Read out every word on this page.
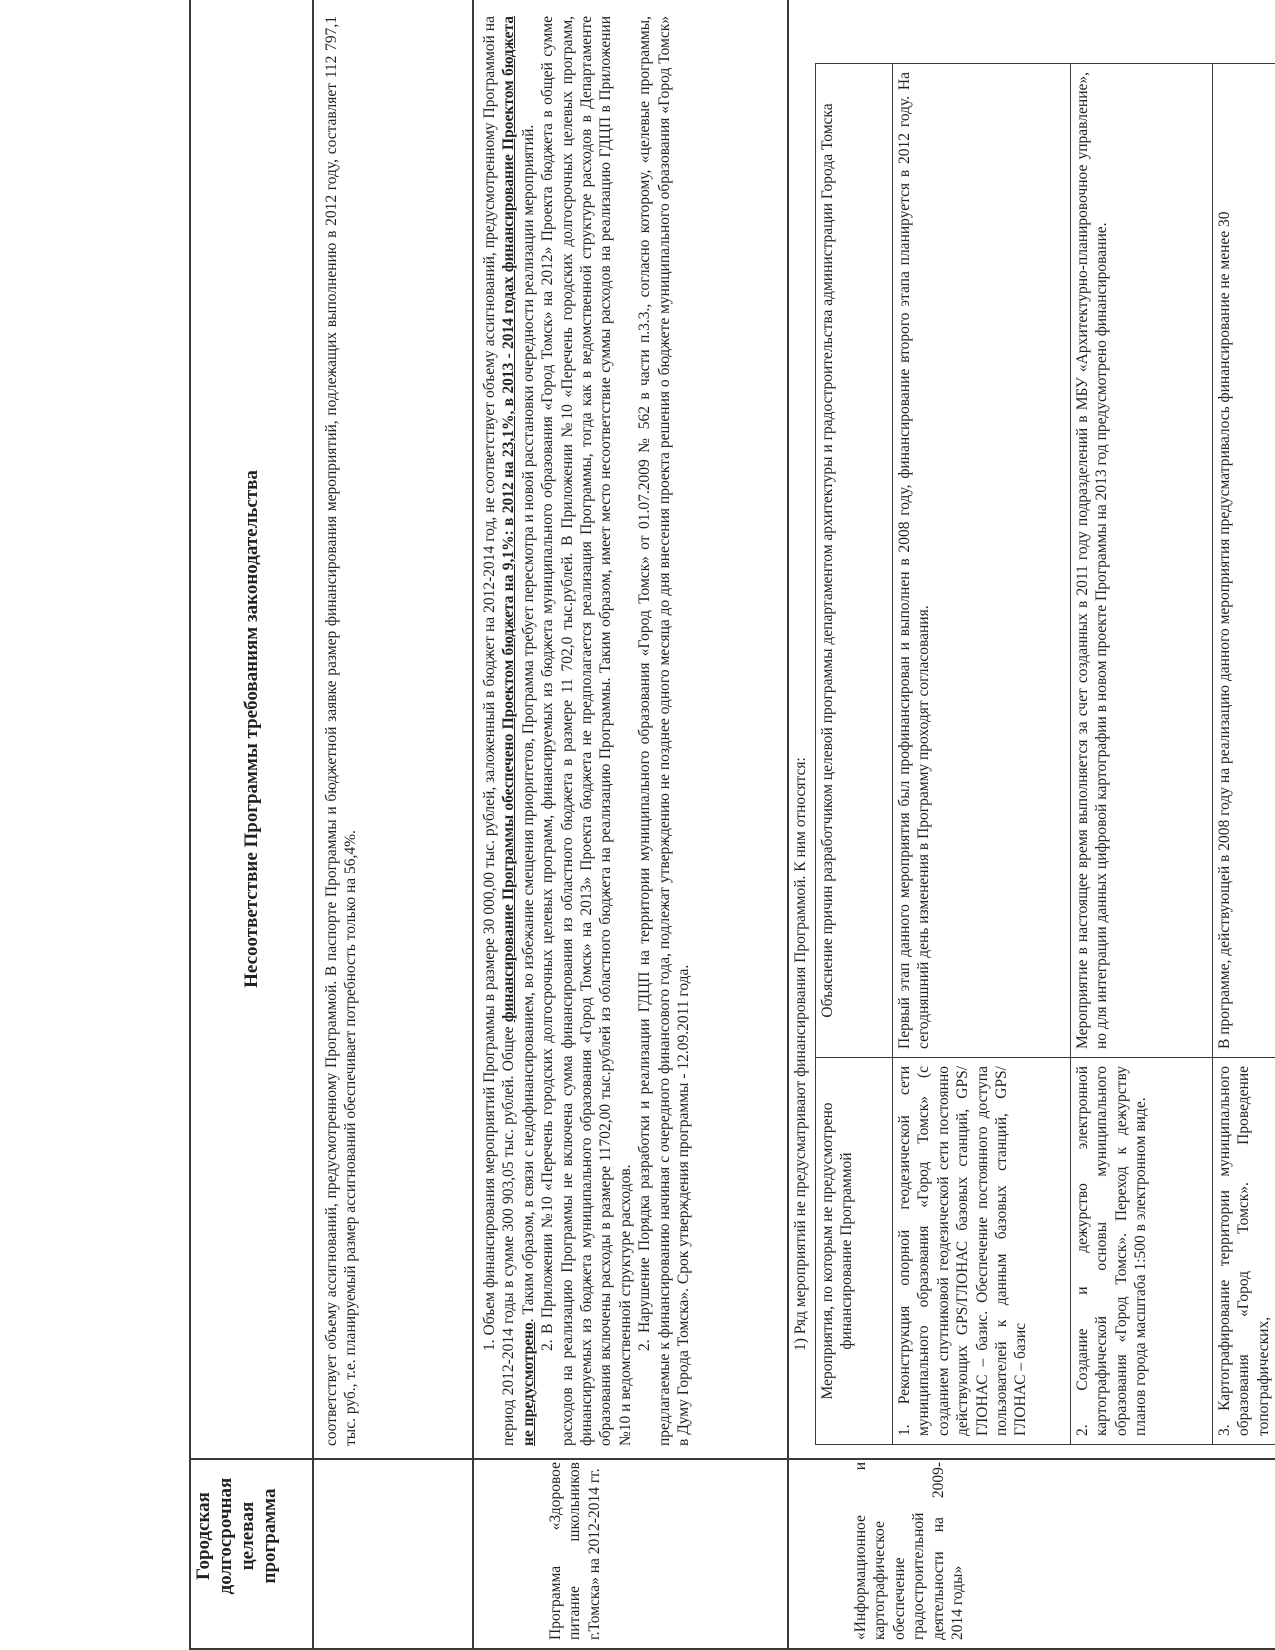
Городская долгосрочная целевая программа
Несоответствие Программы требованиям законодательства	соответствует объему ассигнований, предусмотренному Программой. В паспорте Программы и бюджетной заявке размер финансирования мероприятий, подлежащих выполнению в 2012 году, составляет 112 797,1 тыс. руб., т.е. планируемый размер ассигнований обеспечивает потребность только на 56,4%.

Программа «Здоровое питание школьников г.Томска» на 2012-2014 гг.

1. Объем финансирования мероприятий Программы в размере 30 000,00 тыс. рублей, заложенный в бюджет на 2012-2014 год, не соответствует объему ассигнований, предусмотренному Программой на период 2012-2014 годы в сумме 300 903,05 тыс. рублей. Общее финансирование Программы обеспечено Проектом бюджета на 9,1%: в 2012 на 23,1%, в 2013 - 2014 годах финансирование Проектом бюджета не предусмотрено. Таким образом, в связи с недофинансированием, во избежание смещения приоритетов, Программа требует пересмотра и новой расстановки очередности реализации мероприятий. 2. В Приложении №10 «Перечень городских долгосрочных целевых программ, финансируемых из бюджета муниципального образования «Город Томск» на 2012» Проекта бюджета в общей сумме расходов на реализацию Программы не включена сумма финансирования из областного бюджета в размере 11 702,0 тыс.рублей. В Приложении №10 «Перечень городских долгосрочных целевых программ, финансируемых из бюджета муниципального образования «Город Томск» на 2013» Проекта бюджета не предполагается реализация Программы, тогда как в ведомственной структуре расходов в Департаменте образования включены расходы в размере 11702,00 тыс.рублей из областного бюджета на реализацию Программы. Таким образом, имеет место несоответствие суммы расходов на реализацию ГДЦП в Приложении №10 и ведомственной структуре расходов. 2. Нарушение Порядка разработки и реализации ГДЦП на территории муниципального образования «Город Томск» от 01.07.2009 № 562 в части п.3.3., согласно которому, «целевые программы, предлагаемые к финансированию начиная с очередного финансового года, подлежат утверждению не позднее одного месяца до дня внесения проекта решения о бюджете муниципального образования «Город Томск» в Думу Города Томска». Срок утверждения программы - 12.09.2011 года.

«Информационное и картографическое обеспечение градостроительной деятельности на 2009-2014 годы»

1) Ряд мероприятий не предусматривают финансирования Программой. К ним относятся: Мероприятия, по которым не предусмотрено финансирование Программой
Объяснение причин разработчиком целевой программы департаментом архитектуры и градостроительства администрации Города Томска
1. Реконструкция опорной геодезической сети муниципального образования «Город Томск» (с созданием спутниковой геодезической сети постоянно действующих GPS/ГЛОНАС базовых станций, GPS/ГЛОНАС – базис. Обеспечение постоянного доступа пользователей к данным базовых станций, GPS/ГЛОНАС – базис
Первый этап данного мероприятия был профинансирован и выполнен в 2008 году, финансирование второго этапа планируется в 2012 году. На сегодняшний день изменения в Программу проходят согласования.
2. Создание и дежурство электронной картографической основы муниципального образования «Город Томск». Переход к дежурству планов города масштаба 1:500 в электронном виде.
Мероприятие в настоящее время выполняется за счет созданных в 2011 году подразделений в МБУ «Архитектурно-планировочное управление», но для интеграции данных цифровой картографии в новом проекте Программы на 2013 год предусмотрено финансирование.
3. Картографирование территории муниципального образования «Город Томск». Проведение топографических,
В программе, действующей в 2008 году на реализацию данного мероприятия предусматривалось финансирование не менее 30
